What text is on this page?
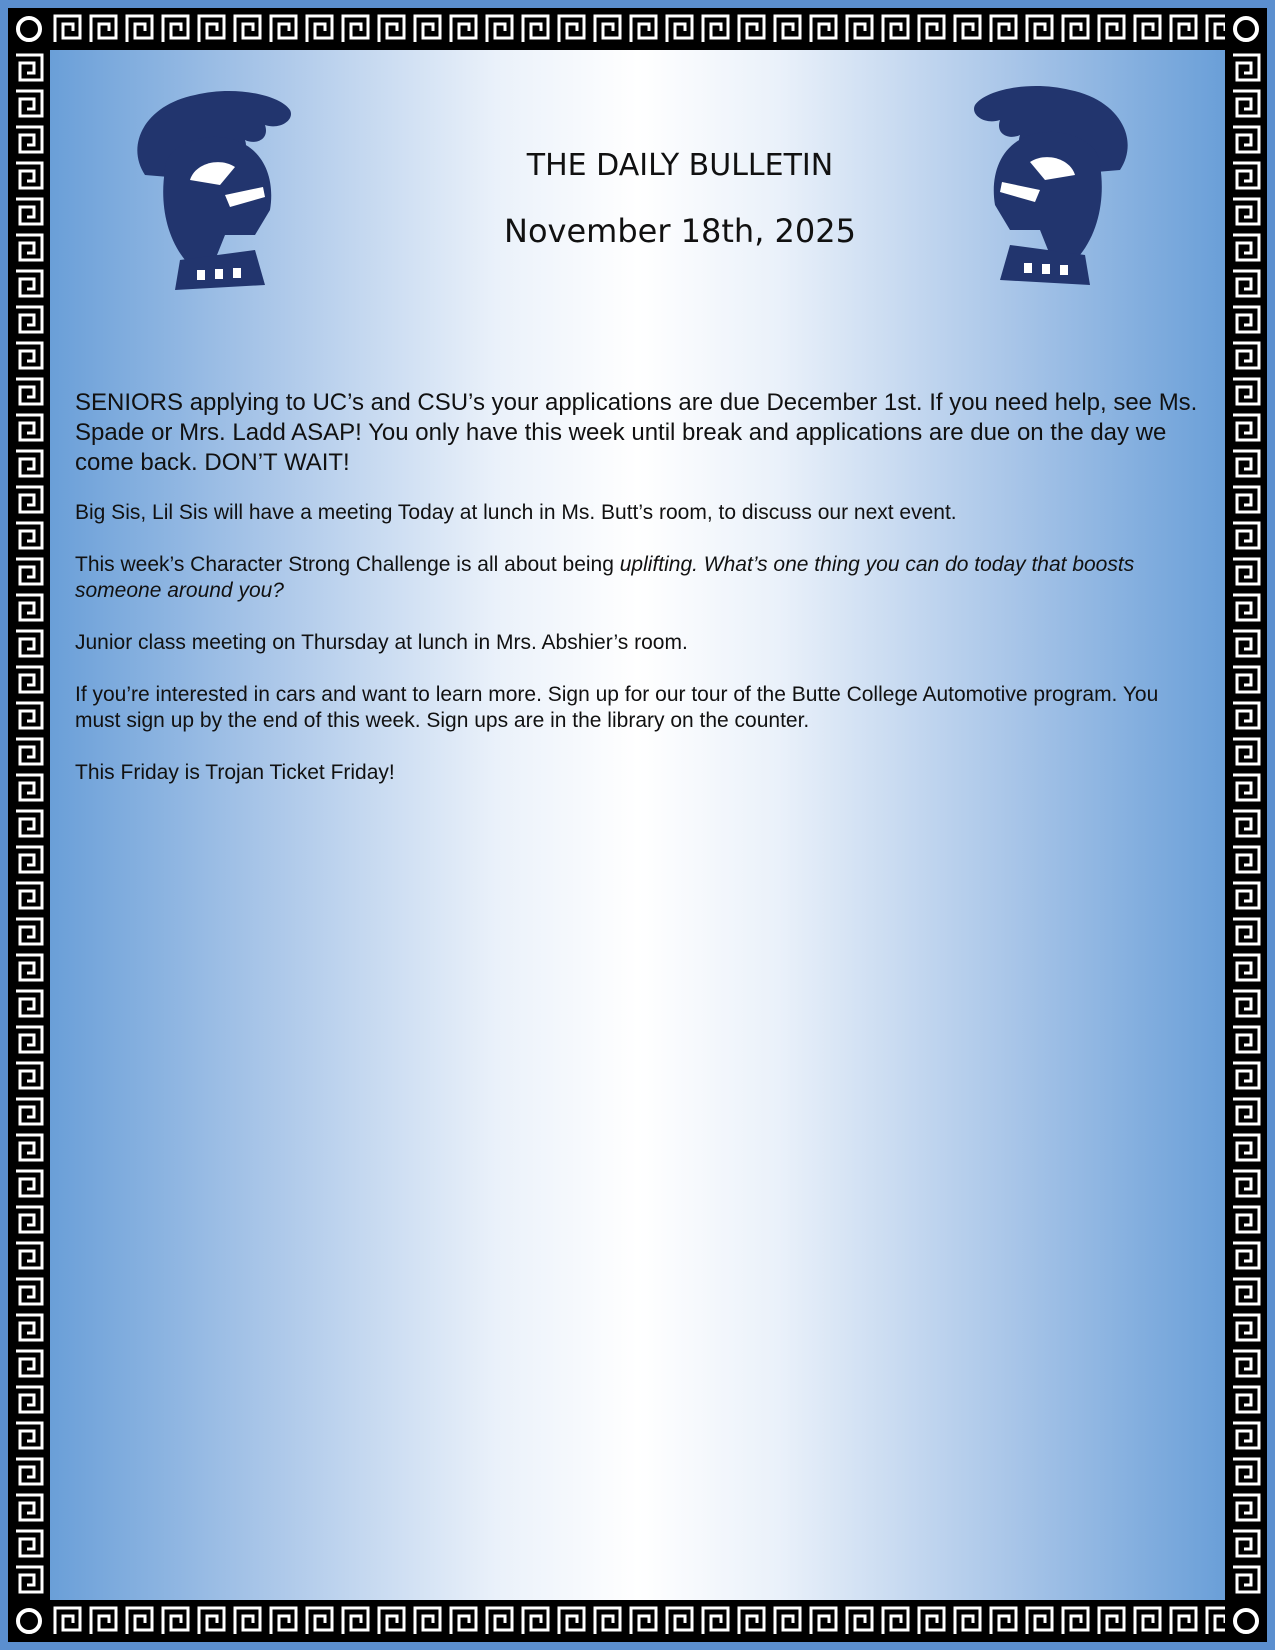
THE DAILY BULLETIN
November 18th, 2025

SENIORS applying to UC’s and CSU’s your applications are due December 1st. If you need help, see Ms. Spade or Mrs. Ladd ASAP! You only have this week until break and applications are due on the day we come back. DON’T WAIT!

Big Sis, Lil Sis will have a meeting Today at lunch in Ms. Butt’s room, to discuss our next event.

This week’s Character Strong Challenge is all about being uplifting. What’s one thing you can do today that boosts someone around you?

Junior class meeting on Thursday at lunch in Mrs. Abshier’s room.

If you’re interested in cars and want to learn more. Sign up for our tour of the Butte College Automotive program. You must sign up by the end of this week. Sign ups are in the library on the counter.

This Friday is Trojan Ticket Friday!
